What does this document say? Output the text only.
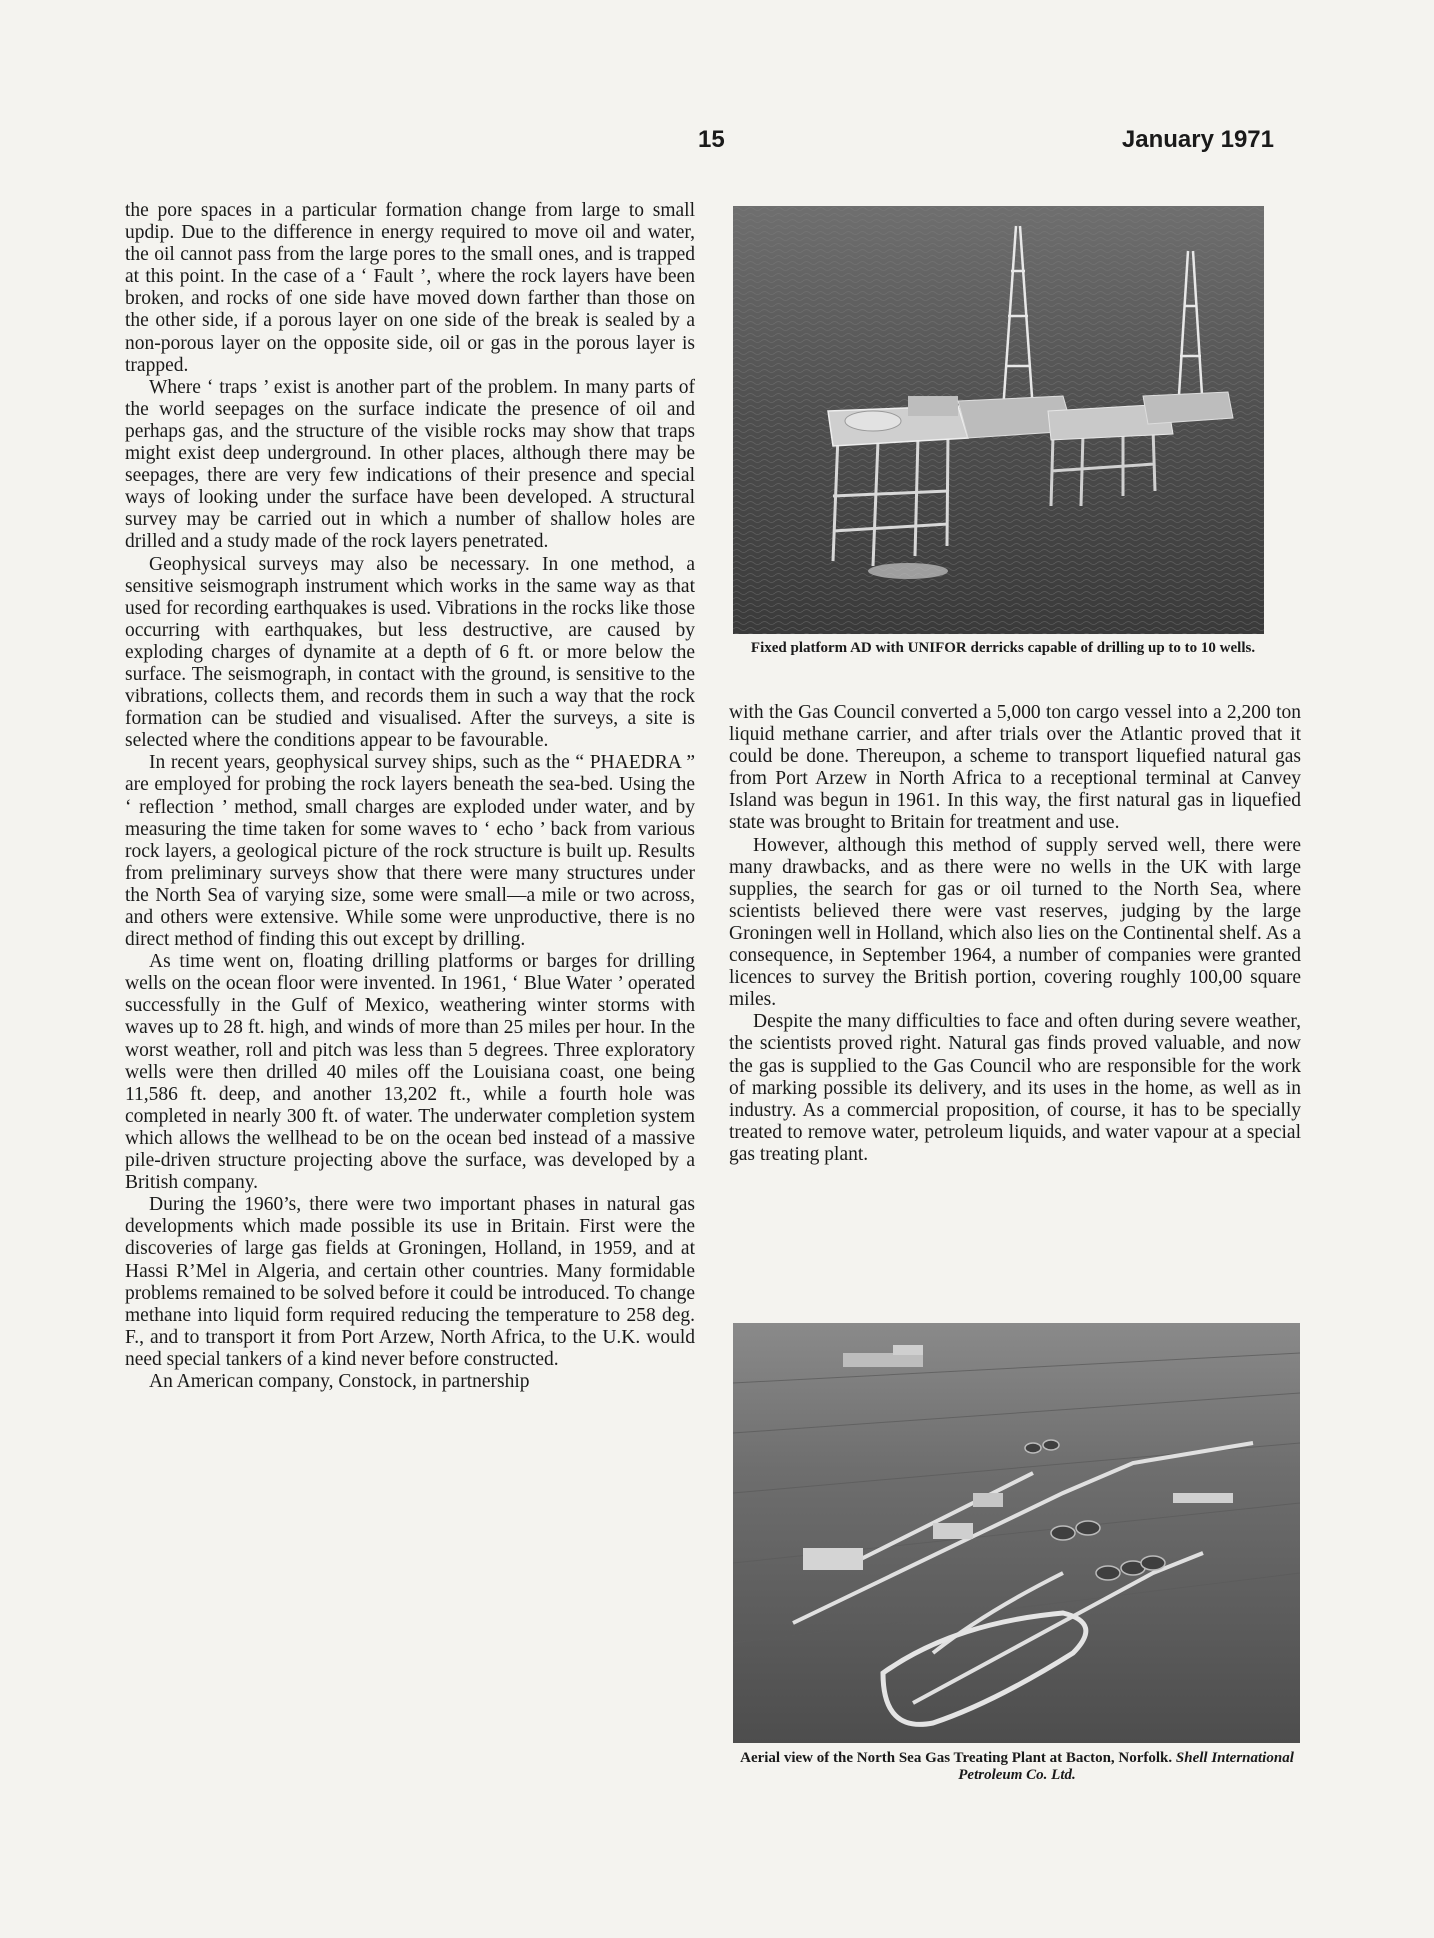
15	January 1971

the pore spaces in a particular formation change from large to small updip. Due to the difference in energy required to move oil and water, the oil cannot pass from the large pores to the small ones, and is trapped at this point. In the case of a ‘ Fault ’, where the rock layers have been broken, and rocks of one side have moved down farther than those on the other side, if a porous layer on one side of the break is sealed by a non-porous layer on the opposite side, oil or gas in the porous layer is trapped.

Where ‘ traps ’ exist is another part of the problem. In many parts of the world seepages on the surface indicate the presence of oil and perhaps gas, and the structure of the visible rocks may show that traps might exist deep underground. In other places, although there may be seepages, there are very few indications of their presence and special ways of looking under the surface have been developed. A structural survey may be carried out in which a number of shallow holes are drilled and a study made of the rock layers penetrated.

Geophysical surveys may also be necessary. In one method, a sensitive seismograph instrument which works in the same way as that used for recording earthquakes is used. Vibrations in the rocks like those occurring with earthquakes, but less destructive, are caused by exploding charges of dynamite at a depth of 6 ft. or more below the surface. The seismograph, in contact with the ground, is sensitive to the vibrations, collects them, and records them in such a way that the rock formation can be studied and visualised. After the surveys, a site is selected where the conditions appear to be favourable.

In recent years, geophysical survey ships, such as the “ PHAEDRA ” are employed for probing the rock layers beneath the sea-bed. Using the ‘ reflection ’ method, small charges are exploded under water, and by measuring the time taken for some waves to ‘ echo ’ back from various rock layers, a geological picture of the rock structure is built up. Results from preliminary surveys show that there were many structures under the North Sea of varying size, some were small—a mile or two across, and others were extensive. While some were unproductive, there is no direct method of finding this out except by drilling.

As time went on, floating drilling platforms or barges for drilling wells on the ocean floor were invented. In 1961, ‘ Blue Water ’ operated successfully in the Gulf of Mexico, weathering winter storms with waves up to 28 ft. high, and winds of more than 25 miles per hour. In the worst weather, roll and pitch was less than 5 degrees. Three exploratory wells were then drilled 40 miles off the Louisiana coast, one being 11,586 ft. deep, and another 13,202 ft., while a fourth hole was completed in nearly 300 ft. of water. The underwater completion system which allows the wellhead to be on the ocean bed instead of a massive pile-driven structure projecting above the surface, was developed by a British company.

During the 1960’s, there were two important phases in natural gas developments which made possible its use in Britain. First were the discoveries of large gas fields at Groningen, Holland, in 1959, and at Hassi R’Mel in Algeria, and certain other countries. Many formidable problems remained to be solved before it could be introduced. To change methane into liquid form required reducing the temperature to 258 deg. F., and to transport it from Port Arzew, North Africa, to the U.K. would need special tankers of a kind never before constructed.

An American company, Constock, in partnership

Fixed platform AD with UNIFOR derricks capable of drilling up to to 10 wells.

with the Gas Council converted a 5,000 ton cargo vessel into a 2,200 ton liquid methane carrier, and after trials over the Atlantic proved that it could be done. Thereupon, a scheme to transport liquefied natural gas from Port Arzew in North Africa to a receptional terminal at Canvey Island was begun in 1961. In this way, the first natural gas in liquefied state was brought to Britain for treatment and use.

However, although this method of supply served well, there were many drawbacks, and as there were no wells in the UK with large supplies, the search for gas or oil turned to the North Sea, where scientists believed there were vast reserves, judging by the large Groningen well in Holland, which also lies on the Continental shelf. As a consequence, in September 1964, a number of companies were granted licences to survey the British portion, covering roughly 100,00 square miles.

Despite the many difficulties to face and often during severe weather, the scientists proved right. Natural gas finds proved valuable, and now the gas is supplied to the Gas Council who are responsible for the work of marking possible its delivery, and its uses in the home, as well as in industry. As a commercial proposition, of course, it has to be specially treated to remove water, petroleum liquids, and water vapour at a special gas treating plant.

Aerial view of the North Sea Gas Treating Plant at Bacton, Norfolk. Shell International Petroleum Co. Ltd.
